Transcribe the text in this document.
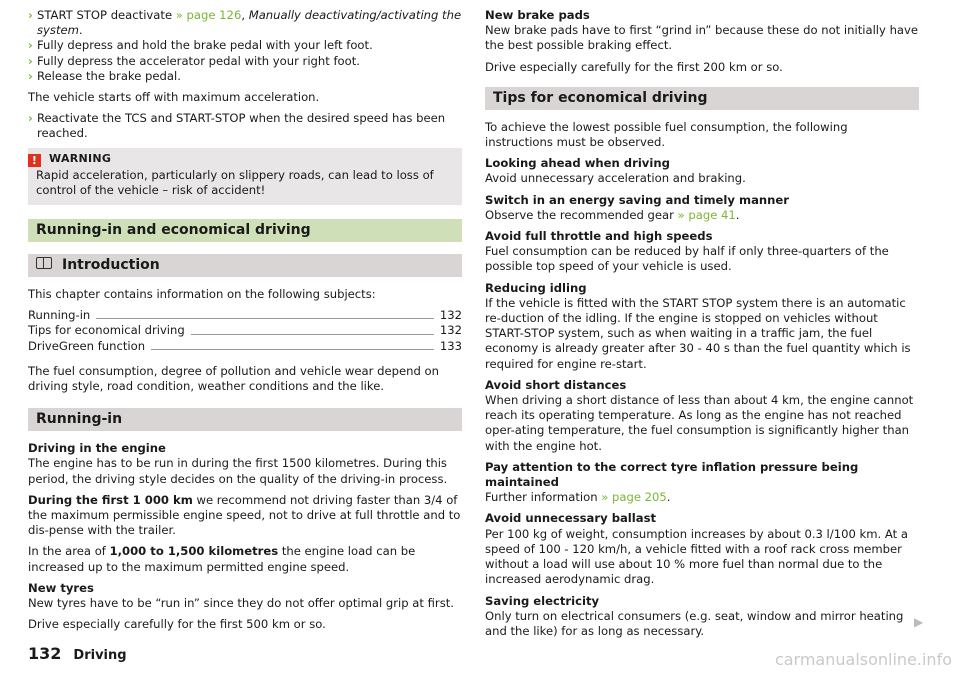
› START STOP deactivate » page 126, Manually deactivating/activating the system.

› Fully depress and hold the brake pedal with your left foot.

› Fully depress the accelerator pedal with your right foot.

› Release the brake pedal.

The vehicle starts off with maximum acceleration.

› Reactivate the TCS and START-STOP when the desired speed has been reached.

! WARNING
Rapid acceleration, particularly on slippery roads, can lead to loss of control of the vehicle – risk of accident!
Running-in and economical driving
Introduction

This chapter contains information on the following subjects:

Running-in	132
Tips for economical driving	132
DriveGreen function	133

The fuel consumption, degree of pollution and vehicle wear depend on driving style, road condition, weather conditions and the like.

Running-in

Driving in the engine
The engine has to be run in during the first 1500 kilometres. During this period, the driving style decides on the quality of the driving-in process.

During the first 1 000 km we recommend not driving faster than 3/4 of the maximum permissible engine speed, not to drive at full throttle and to dis-pense with the trailer.

In the area of 1,000 to 1,500 kilometres the engine load can be increased up to the maximum permitted engine speed.

New tyres
New tyres have to be “run in” since they do not offer optimal grip at first.

Drive especially carefully for the first 500 km or so.

New brake pads
New brake pads have to first “grind in” because these do not initially have the best possible braking effect.

Drive especially carefully for the first 200 km or so.

Tips for economical driving

To achieve the lowest possible fuel consumption, the following instructions must be observed.

Looking ahead when driving
Avoid unnecessary acceleration and braking.

Switch in an energy saving and timely manner
Observe the recommended gear » page 41.

Avoid full throttle and high speeds
Fuel consumption can be reduced by half if only three-quarters of the possible top speed of your vehicle is used.

Reducing idling
If the vehicle is fitted with the START STOP system there is an automatic re-duction of the idling. If the engine is stopped on vehicles without START-STOP system, such as when waiting in a traffic jam, the fuel economy is already greater after 30 - 40 s than the fuel quantity which is required for engine re-start.

Avoid short distances
When driving a short distance of less than about 4 km, the engine cannot reach its operating temperature. As long as the engine has not reached oper-ating temperature, the fuel consumption is significantly higher than with the engine hot.

Pay attention to the correct tyre inflation pressure being maintained
Further information » page 205.

Avoid unnecessary ballast
Per 100 kg of weight, consumption increases by about 0.3 l/100 km. At a speed of 100 - 120 km/h, a vehicle fitted with a roof rack cross member without a load will use about 10 % more fuel than normal due to the increased aerodynamic drag.

Saving electricity
Only turn on electrical consumers (e.g. seat, window and mirror heating and the like) for as long as necessary.

▶
132 Driving	carmanualsonline.info
